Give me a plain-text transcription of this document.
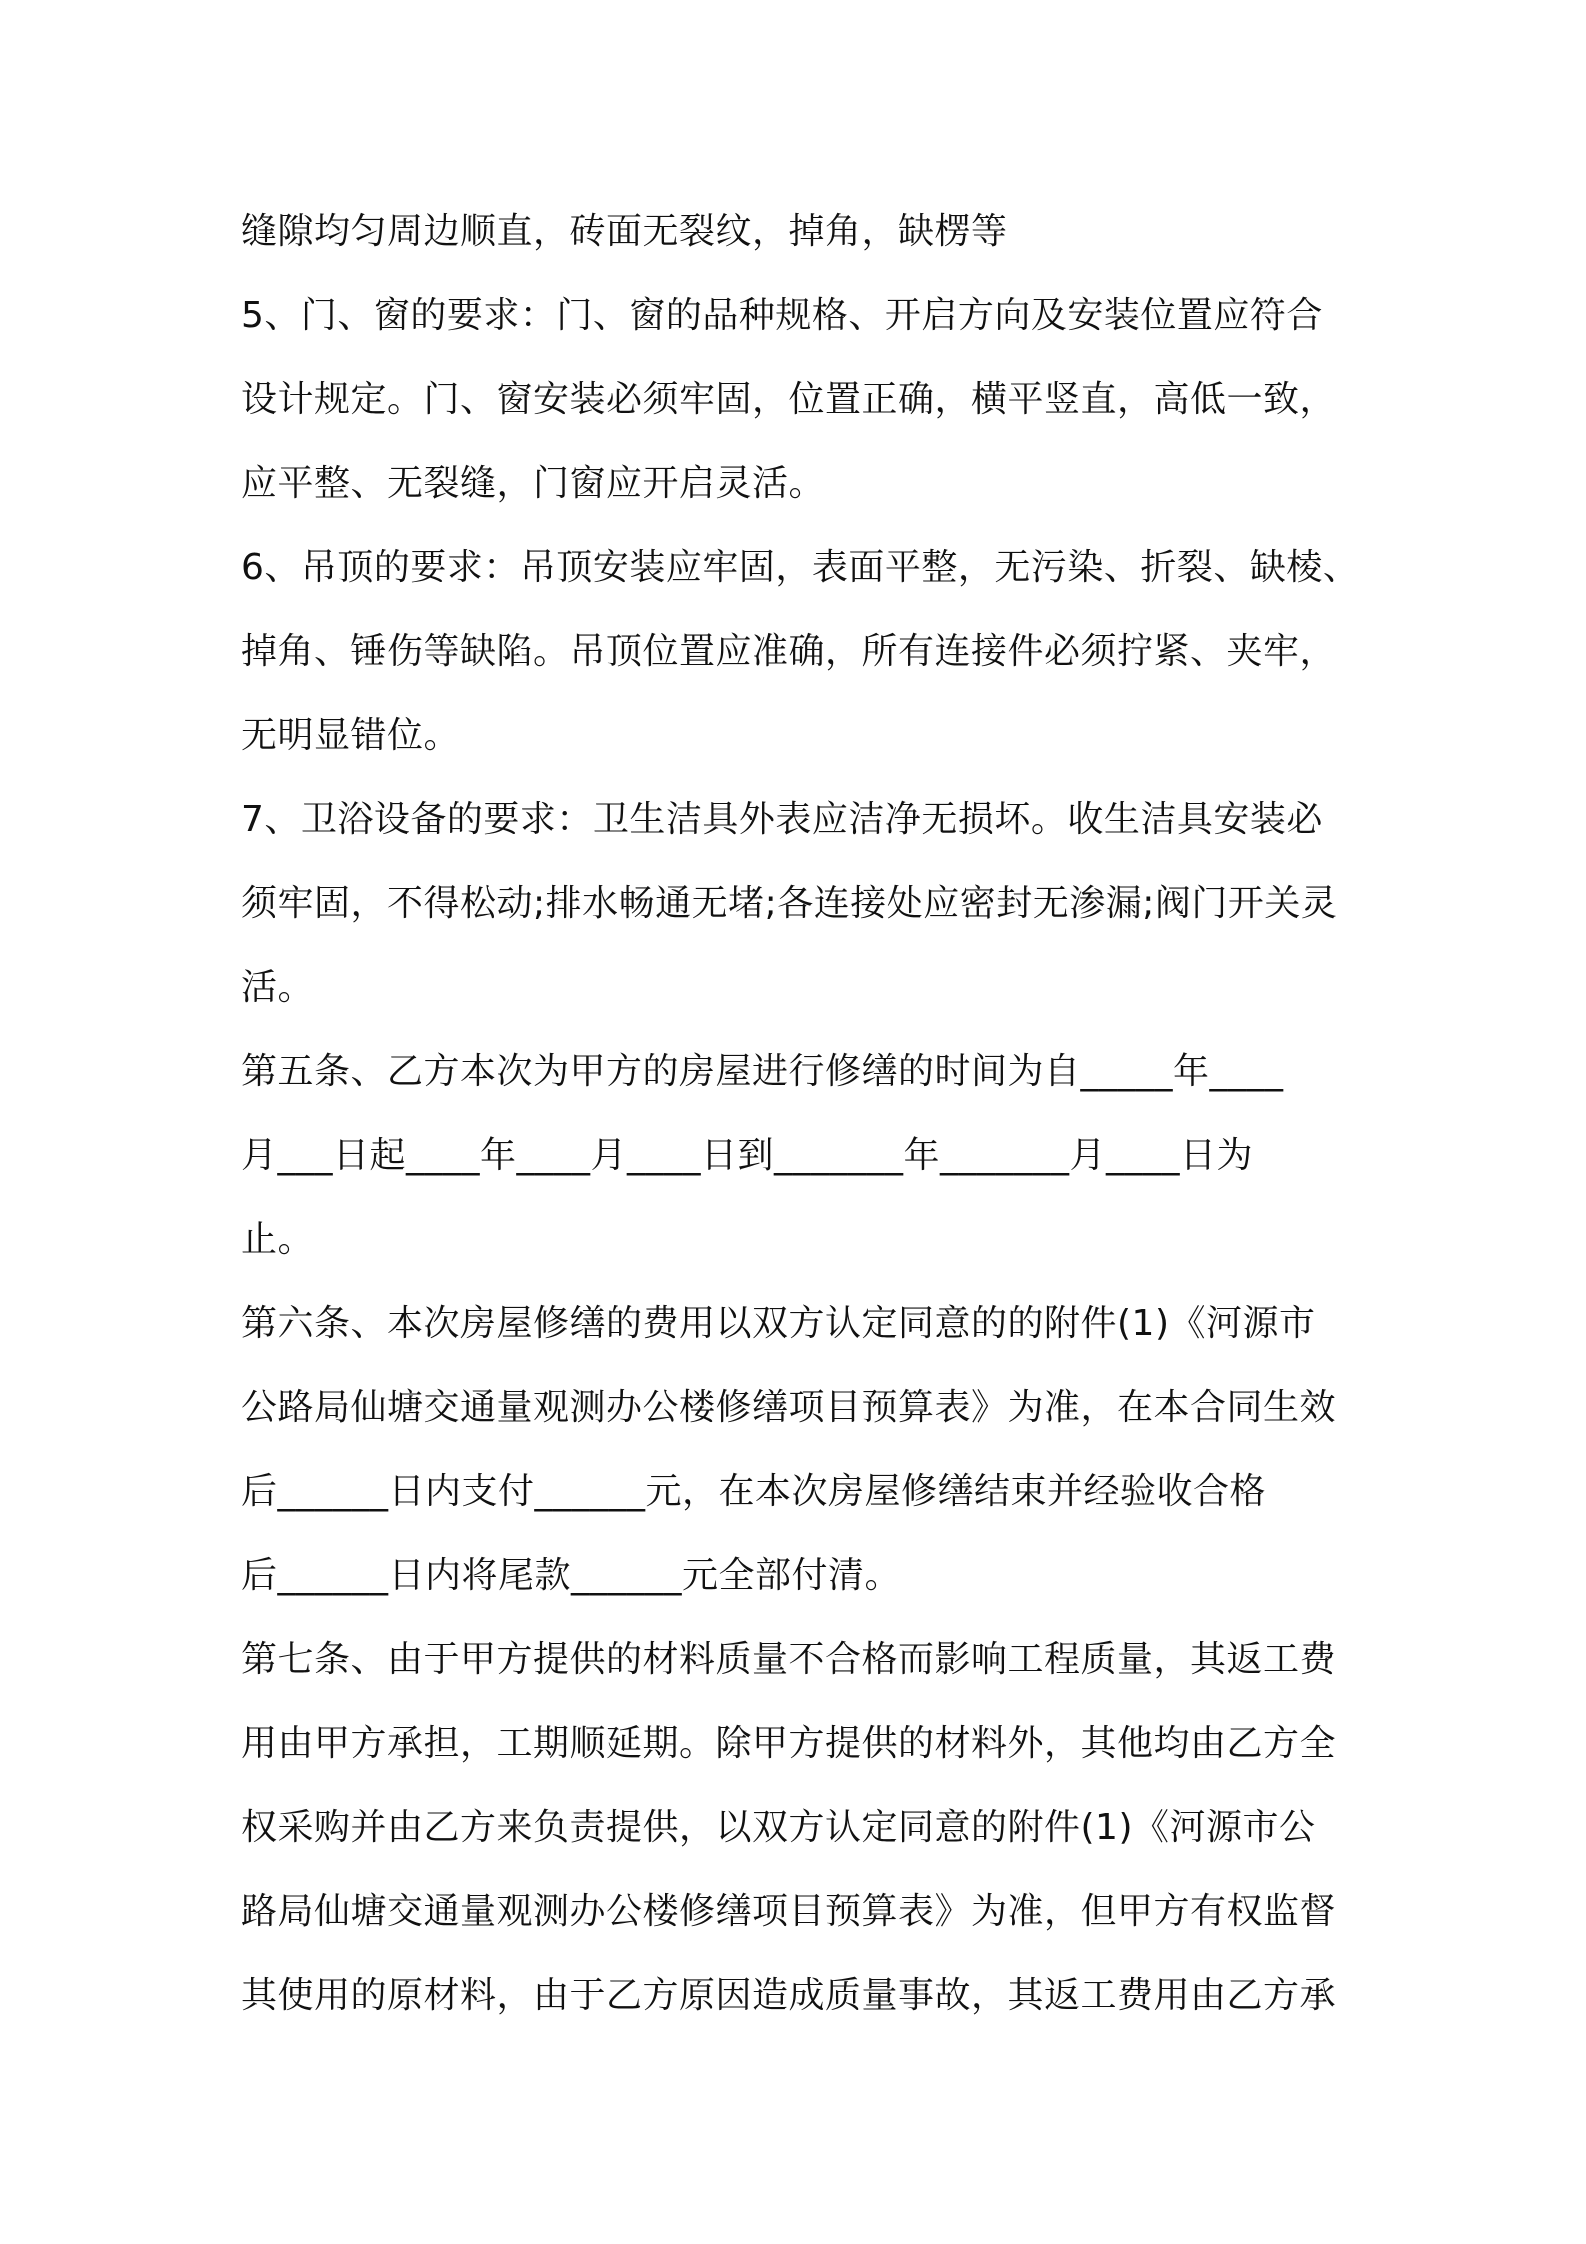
缝隙均匀周边顺直，砖面无裂纹，掉角，缺楞等
5、门、窗的要求：门、窗的品种规格、开启方向及安装位置应符合
设计规定。门、窗安装必须牢固，位置正确，横平竖直，高低一致，
应平整、无裂缝，门窗应开启灵活。
6、吊顶的要求：吊顶安装应牢固，表面平整，无污染、折裂、缺棱、
掉角、锤伤等缺陷。吊顶位置应准确，所有连接件必须拧紧、夹牢，
无明显错位。
7、卫浴设备的要求：卫生洁具外表应洁净无损坏。收生洁具安装必
须牢固，不得松动;排水畅通无堵;各连接处应密封无渗漏;阀门开关灵
活。
第五条、乙方本次为甲方的房屋进行修缮的时间为自_____年____
月___日起____年____月____日到_______年_______月____日为
止。
第六条、本次房屋修缮的费用以双方认定同意的的附件(1)《河源市
公路局仙塘交通量观测办公楼修缮项目预算表》为准，在本合同生效
后______日内支付______元，在本次房屋修缮结束并经验收合格
后______日内将尾款______元全部付清。
第七条、由于甲方提供的材料质量不合格而影响工程质量，其返工费
用由甲方承担，工期顺延期。除甲方提供的材料外，其他均由乙方全
权采购并由乙方来负责提供，以双方认定同意的附件(1)《河源市公
路局仙塘交通量观测办公楼修缮项目预算表》为准，但甲方有权监督
其使用的原材料，由于乙方原因造成质量事故，其返工费用由乙方承
